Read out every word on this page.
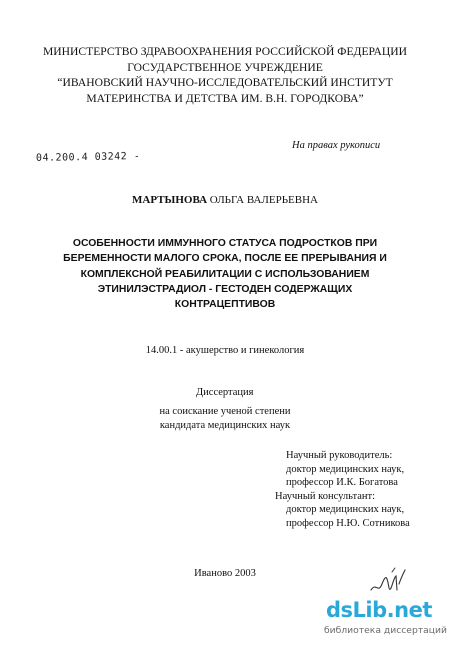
МИНИСТЕРСТВО ЗДРАВООХРАНЕНИЯ РОССИЙСКОЙ ФЕДЕРАЦИИ
ГОСУДАРСТВЕННОЕ УЧРЕЖДЕНИЕ
“ИВАНОВСКИЙ НАУЧНО-ИССЛЕДОВАТЕЛЬСКИЙ ИНСТИТУТ
МАТЕРИНСТВА И ДЕТСТВА ИМ. В.Н. ГОРОДКОВА”
04.200.4 03242 -
На правах рукописи
МАРТЫНОВА ОЛЬГА ВАЛЕРЬЕВНА
ОСОБЕННОСТИ ИММУННОГО СТАТУСА ПОДРОСТКОВ ПРИ
БЕРЕМЕННОСТИ МАЛОГО СРОКА, ПОСЛЕ ЕЕ ПРЕРЫВАНИЯ И
КОМПЛЕКСНОЙ РЕАБИЛИТАЦИИ С ИСПОЛЬЗОВАНИЕМ
ЭТИНИЛЭСТРАДИОЛ - ГЕСТОДЕН СОДЕРЖАЩИХ
КОНТРАЦЕПТИВОВ
14.00.1 - акушерство и гинекология
Диссертация
на соискание ученой степени
кандидата медицинских наук
Научный руководитель:
доктор медицинских наук,
профессор И.К. Богатова
Научный консультант:
доктор медицинских наук,
профессор Н.Ю. Сотникова
Иваново 2003
dsLib.net
библиотека диссертаций
